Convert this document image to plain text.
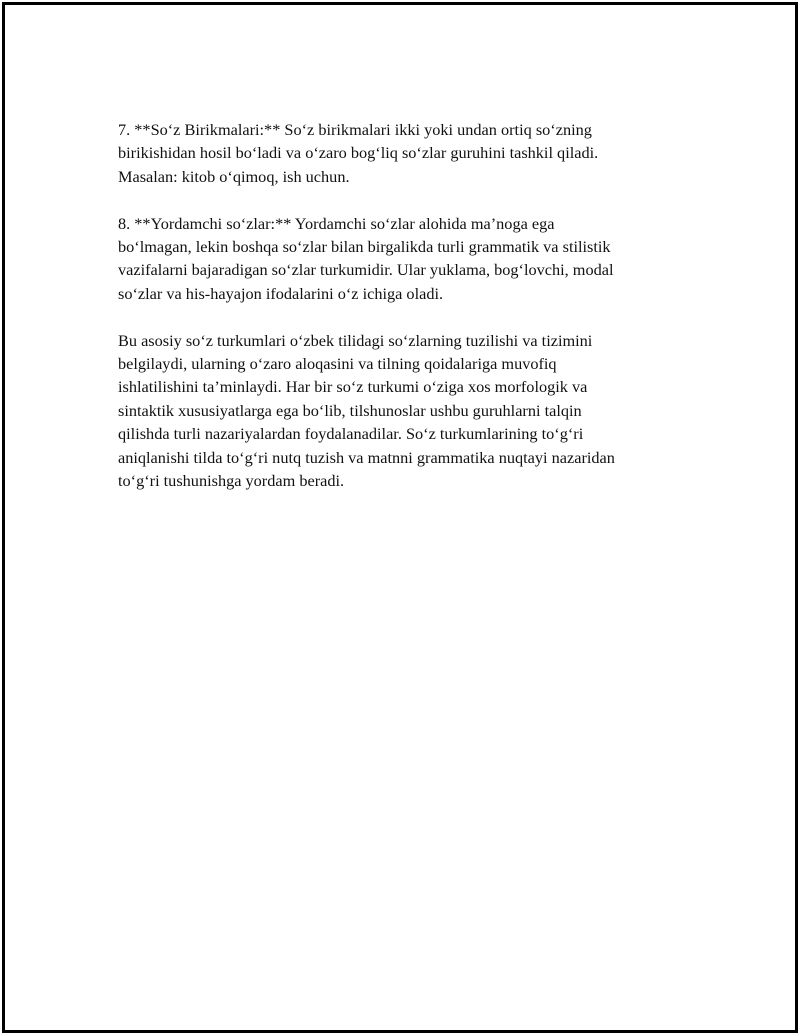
7. **So‘z Birikmalari:** So‘z birikmalari ikki yoki undan ortiq so‘zning
birikishidan hosil bo‘ladi va o‘zaro bog‘liq so‘zlar guruhini tashkil qiladi.
Masalan: kitob o‘qimoq, ish uchun.

8. **Yordamchi so‘zlar:** Yordamchi so‘zlar alohida ma’noga ega
bo‘lmagan, lekin boshqa so‘zlar bilan birgalikda turli grammatik va stilistik
vazifalarni bajaradigan so‘zlar turkumidir. Ular yuklama, bog‘lovchi, modal
so‘zlar va his-hayajon ifodalarini o‘z ichiga oladi.

Bu asosiy so‘z turkumlari o‘zbek tilidagi so‘zlarning tuzilishi va tizimini
belgilaydi, ularning o‘zaro aloqasini va tilning qoidalariga muvofiq
ishlatilishini ta’minlaydi. Har bir so‘z turkumi o‘ziga xos morfologik va
sintaktik xususiyatlarga ega bo‘lib, tilshunoslar ushbu guruhlarni talqin
qilishda turli nazariyalardan foydalanadilar. So‘z turkumlarining to‘g‘ri
aniqlanishi tilda to‘g‘ri nutq tuzish va matnni grammatika nuqtayi nazaridan
to‘g‘ri tushunishga yordam beradi.
